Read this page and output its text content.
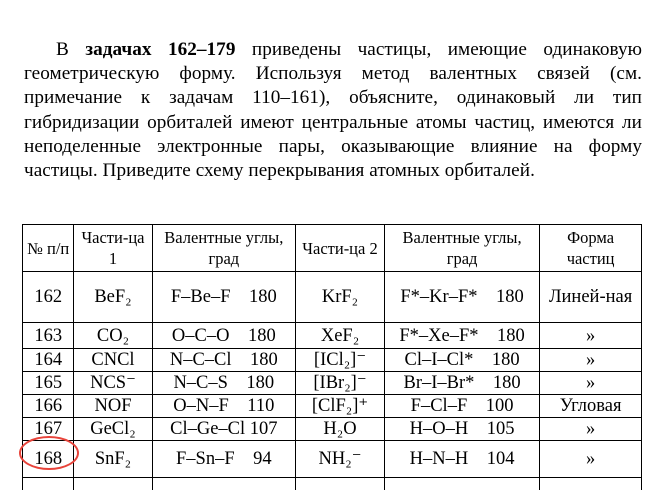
В задачах 162–179 приведены частицы, имеющие одинаковую геометрическую форму. Используя метод валентных связей (см. примечание к задачам 110–161), объясните, одинаковый ли тип гибридизации орбиталей имеют центральные атомы частиц, имеются ли неподеленные электронные пары, оказывающие влияние на форму частицы. Приведите схему перекрывания атомных орбиталей.

№ п/п	Части-ца 1	Валентные углы, град	Части-ца 2	Валентные углы, град	Форма частиц
162	BeF₂	F–Be–F    180	KrF₂	F*–Kr–F*    180	Линей-ная
163	CO₂	O–C–O    180	XeF₂	F*–Xe–F*    180	»
164	CNCl	N–C–Cl    180	[ICl₂]⁻	Cl–I–Cl*    180	»
165	NCS⁻	N–C–S    180	[IBr₂]⁻	Br–I–Br*    180	»
166	NOF	O–N–F    110	[ClF₂]⁺	F–Cl–F    100	Угловая
167	GeCl₂	Cl–Ge–Cl 107	H₂O	H–O–H    105	»
168	SnF₂	F–Sn–F    94	NH₂⁻	H–N–H    104	»
